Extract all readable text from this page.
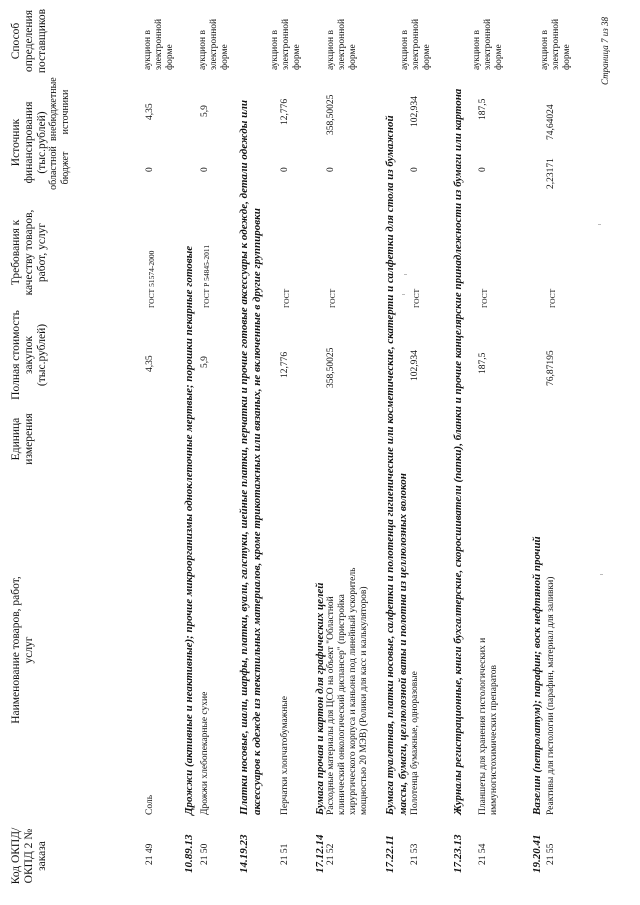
Код ОКПД/ ОКПД 2 № заказа
Наименование товаров, работ, услуг
Единица измерения
Полная стоимость закупок (тыс.рублей)
Требования к качеству товаров, работ, услуг
Источник финансирования (тыс.рублей) областной бюджет
внебюджетные источники
Способ определения поставщиков
21 49
Соль
4,35
ГОСТ 51574-2000
0
4,35
аукцион в электронной форме
10.89.13
Дрожжи (активные и неактивные); прочие микроорганизмы одноклеточные мертвые; порошки пекарные готовые
21 50
Дрожжи хлебопекарные сухие
5,9
ГОСТ Р 54845-2011
0
5,9
аукцион в электронной форме
14.19.23
Платки носовые, шали, шарфы, платки, вуали, галстуки, шейные платки, перчатки и прочие готовые аксессуары к одежде, детали одежды или аксессуаров к одежде из текстильных материалов, кроме трикотажных или вязаных, не включенные в другие группировки
21 51
Перчатки хлопчатобумажные
12,776
ГОСТ
0
12,776
аукцион в электронной форме
17.12.14
Бумага прочая и картон для графических целей
21 52
Расходные материалы для ЦСО на объект "Областной клинический онкологический диспансер" (пристройка хирургического корпуса и каньона под линейный ускоритель мощностью 20 МЭВ) (Ролики для касс и калькуляторов)
358,50025
ГОСТ
0
358,50025
аукцион в электронной форме
17.22.11
Бумага туалетная, платки носовые, салфетки и полотенца гигиенические или косметические, скатерти и салфетки для стола из бумажной массы, бумаги, целлюлозной ваты и полотна из целлюлозных волокон
21 53
Полотенца бумажные, одноразовые
102,934
ГОСТ
0
102,934
аукцион в электронной форме
17.23.13
Журналы регистрационные, книги бухгалтерские, скоросшиватели (папки), бланки и прочие канцелярские принадлежности из бумаги или картона
21 54
Планшеты для хранения гистологических и иммуногистохимических препаратов
187,5
ГОСТ
0
187,5
аукцион в электронной форме
19.20.41
Вазелин (петролатум); парафин; воск нефтяной прочий
21 55
Реактивы для гистологии (парафин, материал для заливки)
76,87195
ГОСТ
2,23171
74,64024
аукцион в электронной форме	Страница 7 из 38
